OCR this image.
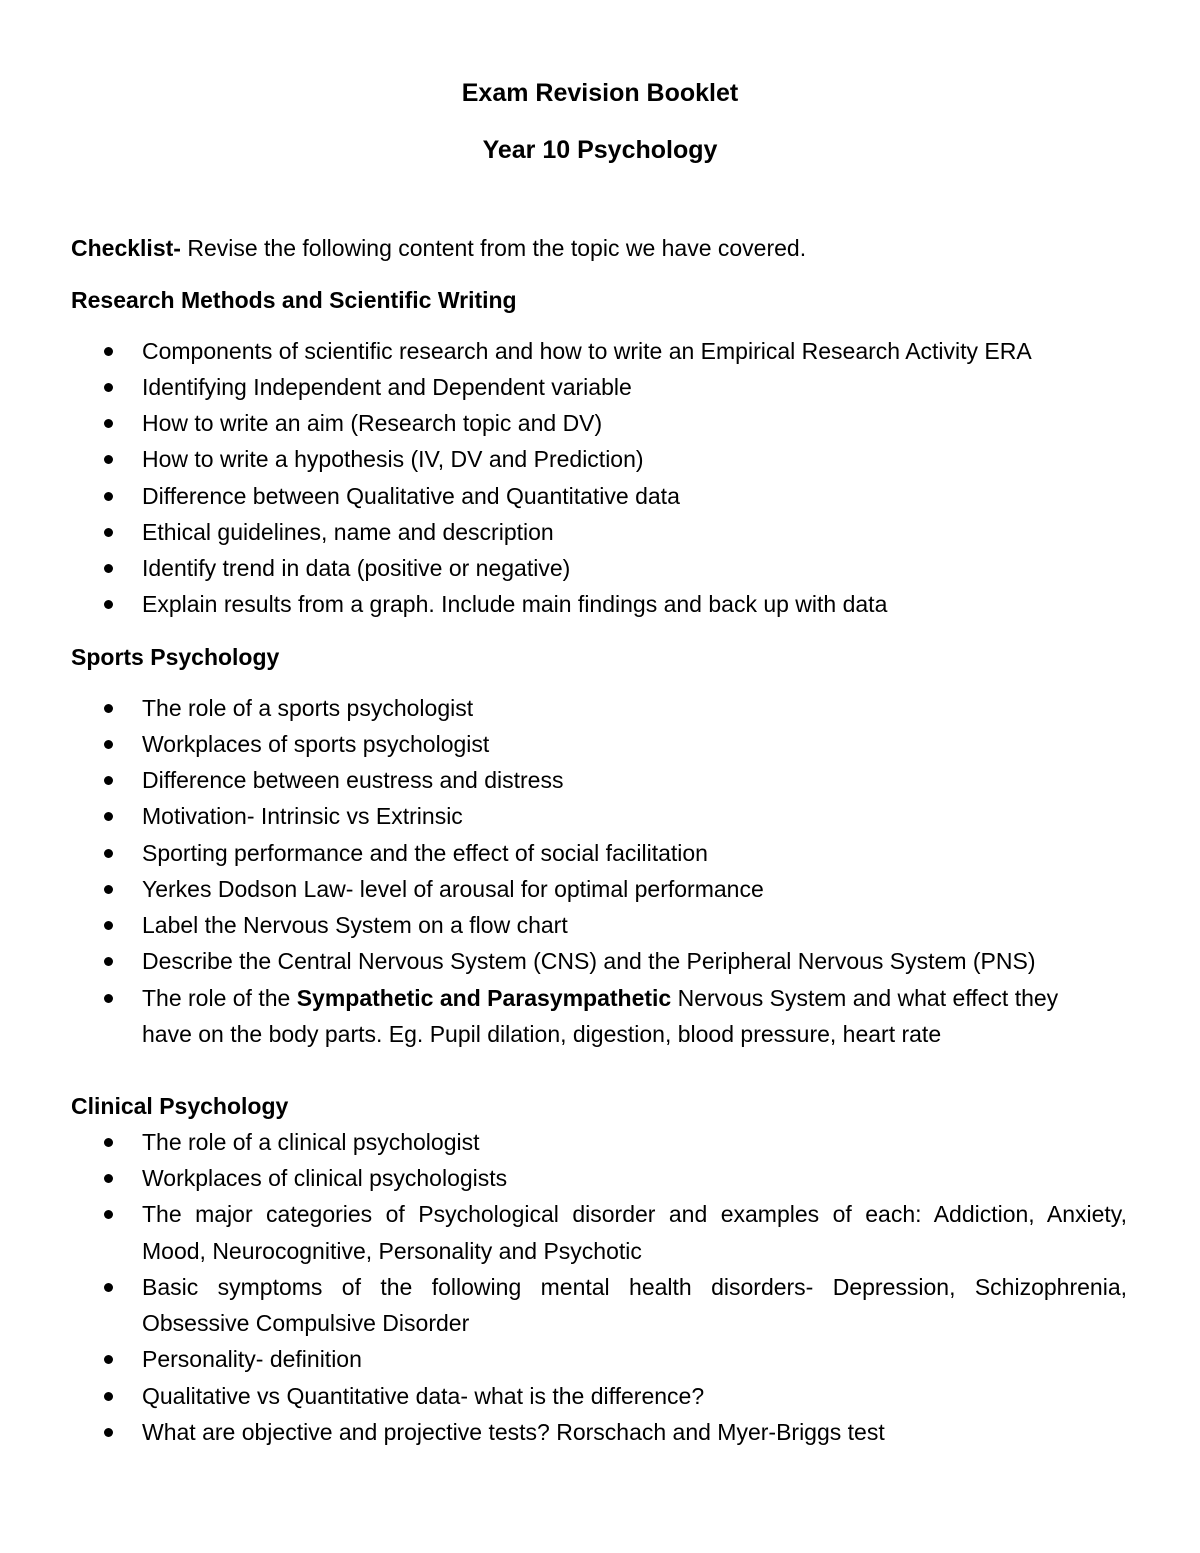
Exam Revision Booklet
Year 10 Psychology
Checklist- Revise the following content from the topic we have covered.
Research Methods and Scientific Writing
Components of scientific research and how to write an Empirical Research Activity ERA
Identifying Independent and Dependent variable
How to write an aim (Research topic and DV)
How to write a hypothesis (IV, DV and Prediction)
Difference between Qualitative and Quantitative data
Ethical guidelines, name and description
Identify trend in data (positive or negative)
Explain results from a graph. Include main findings and back up with data
Sports Psychology
The role of a sports psychologist
Workplaces of sports psychologist
Difference between eustress and distress
Motivation- Intrinsic vs Extrinsic
Sporting performance and the effect of social facilitation
Yerkes Dodson Law- level of arousal for optimal performance
Label the Nervous System on a flow chart
Describe the Central Nervous System (CNS) and the Peripheral Nervous System (PNS)
The role of the Sympathetic and Parasympathetic Nervous System and what effect they
have on the body parts. Eg. Pupil dilation, digestion, blood pressure, heart rate
Clinical Psychology
The role of a clinical psychologist
Workplaces of clinical psychologists
The major categories of Psychological disorder and examples of each: Addiction, Anxiety,
Mood, Neurocognitive, Personality and Psychotic
Basic symptoms of the following mental health disorders- Depression, Schizophrenia,
Obsessive Compulsive Disorder
Personality- definition
Qualitative vs Quantitative data- what is the difference?
What are objective and projective tests? Rorschach and Myer-Briggs test
